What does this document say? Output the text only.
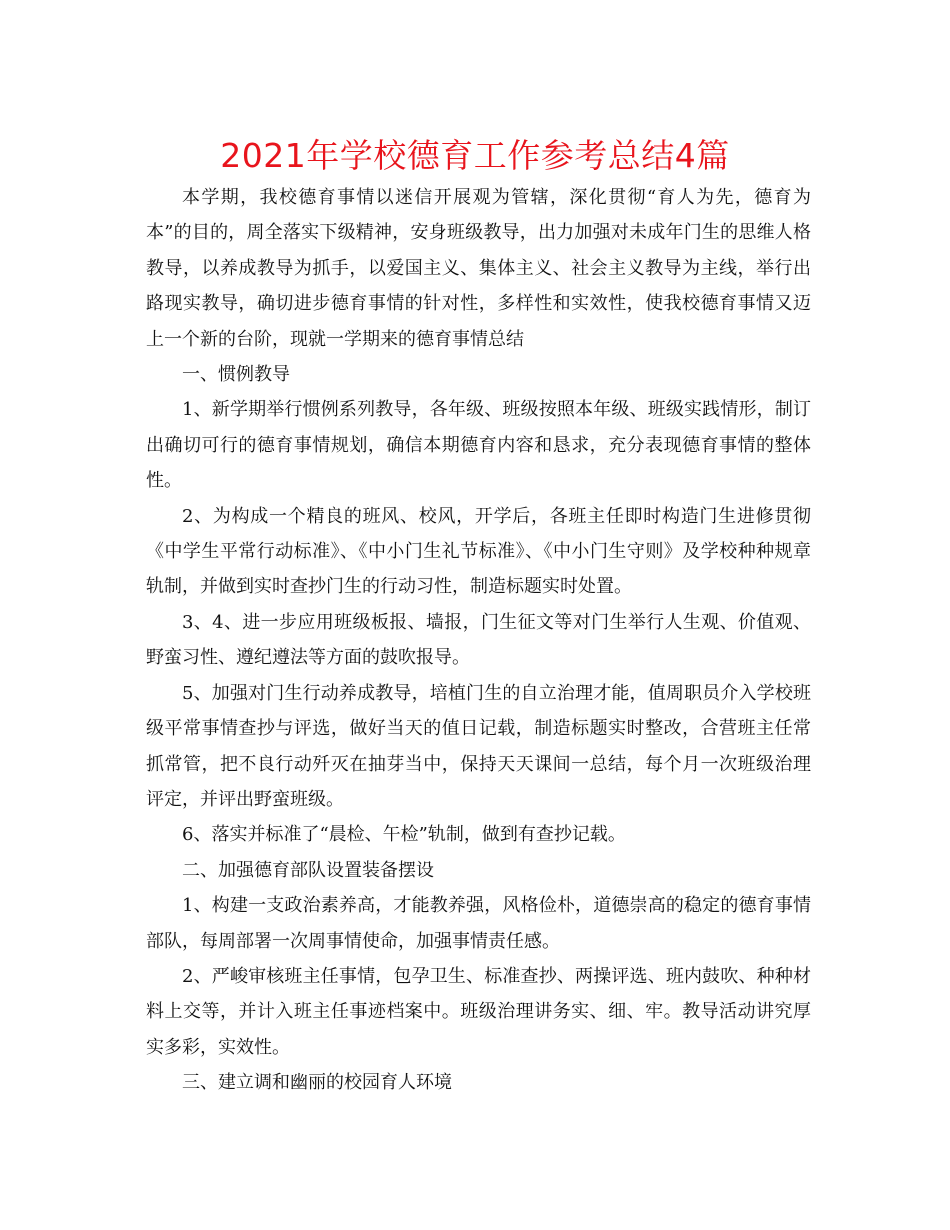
2021年学校德育工作参考总结4篇

本学期，我校德育事情以迷信开展观为管辖，深化贯彻“育人为先，德育为本”的目的，周全落实下级精神，安身班级教导，出力加强对未成年门生的思维人格教导，以养成教导为抓手，以爱国主义、集体主义、社会主义教导为主线，举行出路现实教导，确切进步德育事情的针对性，多样性和实效性，使我校德育事情又迈上一个新的台阶，现就一学期来的德育事情总结

一、惯例教导

1、新学期举行惯例系列教导，各年级、班级按照本年级、班级实践情形，制订出确切可行的德育事情规划，确信本期德育内容和恳求，充分表现德育事情的整体性。

2、为构成一个精良的班风、校风，开学后，各班主任即时构造门生进修贯彻《中学生平常行动标准》、《中小门生礼节标准》、《中小门生守则》及学校种种规章轨制，并做到实时查抄门生的行动习性，制造标题实时处置。

3、4、进一步应用班级板报、墙报，门生征文等对门生举行人生观、价值观、野蛮习性、遵纪遵法等方面的鼓吹报导。

5、加强对门生行动养成教导，培植门生的自立治理才能，值周职员介入学校班级平常事情查抄与评选，做好当天的值日记载，制造标题实时整改，合营班主任常抓常管，把不良行动歼灭在抽芽当中，保持天天课间一总结，每个月一次班级治理评定，并评出野蛮班级。

6、落实并标准了“晨检、午检”轨制，做到有查抄记载。

二、加强德育部队设置装备摆设

1、构建一支政治素养高，才能教养强，风格俭朴，道德崇高的稳定的德育事情部队，每周部署一次周事情使命，加强事情责任感。

2、严峻审核班主任事情，包孕卫生、标准查抄、两操评选、班内鼓吹、种种材料上交等，并计入班主任事迹档案中。班级治理讲务实、细、牢。教导活动讲究厚实多彩，实效性。

三、建立调和幽丽的校园育人环境
